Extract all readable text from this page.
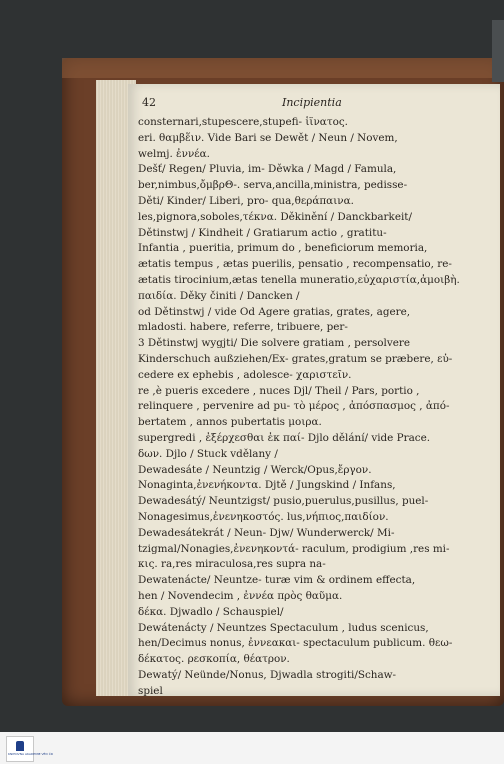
42	Incipientia
consternari,stupescere,stupefi- ἱϊνατος.
eri. θαμβἕιν. Vide Bari se Dewět / Neun / Novem,
welmj. ἐννέα.
Dešť/ Regen/ Pluvia, im- Děwka / Magd / Famula,
ber,nimbus,ὄμβρΘ-. serva,ancilla,ministra, pedisse-
Děti/ Kinder/ Liberi, pro- qua,θεράπαινα.
les,pignora,soboles,τέκνα. Děkinění / Danckbarkeit/
Dětinstwj / Kindheit / Gratiarum actio , gratitu-
Infantia , pueritia, primum do , beneficiorum memoria,
ætatis tempus , ætas puerilis, pensatio , recompensatio, re-
ætatis tirocinium,ætas tenella muneratio,εὐχαριστία,ἀμοιβὴ.
παιδία. Děky činiti / Dancken /
od Dětinstwj / vide Od Agere gratias, grates, agere,
mladosti. habere, referre, tribuere, per-
3 Dětinstwj wygjti/ Die solvere gratiam , persolvere
Kinderschuch außziehen/Ex- grates,gratum se præbere, εὐ-
cedere ex ephebis , adolesce- χαριστεῖν.
re ,è pueris excedere , nuces Djl/ Theil / Pars, portio ,
relinquere , pervenire ad pu- τὸ μέρος , ἀπόσπασμος , ἀπό-
bertatem , annos pubertatis μοιρα.
supergredi , ἐξέρχεσθαι ἐκ παί- Djlo dělání/ vide Prace.
δων. Djlo / Stuck vdělany /
Dewadesáte / Neuntzig / Werck/Opus,ἔργον.
Nonaginta,ἐνενήκοντα. Djtě / Jungskind / Infans,
Dewadesátý/ Neuntzigst/ pusio,puerulus,pusillus, puel-
Nonagesimus,ἐνενηκοστός. lus,νήπιος,παιδίον.
Dewadesátekrát / Neun- Djw/ Wunderwerck/ Mi-
tzigmal/Nonagies,ἐνενηκοντά- raculum, prodigium ,res mi-
κις. ra,res miraculosa,res supra na-
Dewatenácte/ Neuntze- turæ vim & ordinem effecta,
hen / Novendecim , ἐννέα πρὸς θαῦμα.
δέκα. Djwadlo / Schauspiel/
Dewátenácty / Neuntzes Spectaculum , ludus scenicus,
hen/Decimus nonus, ἐννεακαι- spectaculum publicum. θεω-
δέκατος. ρεσκοπία, θέατρον.
Dewatý/ Neünde/Nonus, Djwadla strogiti/Schaw-
spiel
KNIHOVNA AKADEMIE VĚD ČR
